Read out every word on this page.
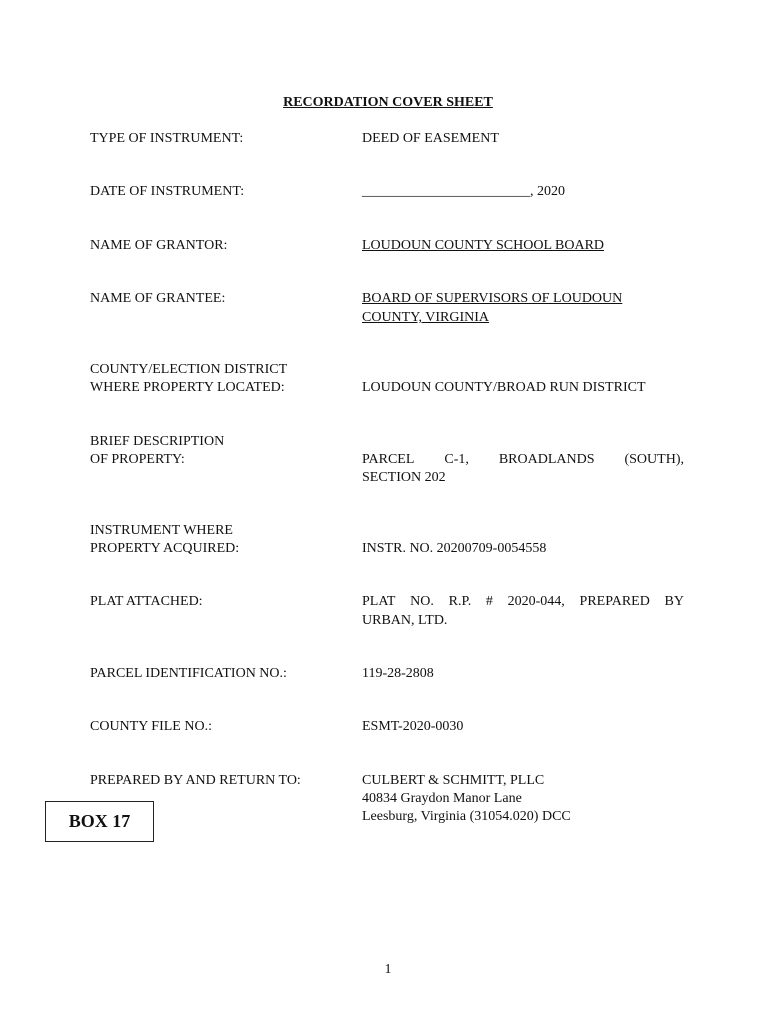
RECORDATION COVER SHEET
TYPE OF INSTRUMENT:	DEED OF EASEMENT
DATE OF INSTRUMENT:	________________________, 2020
NAME OF GRANTOR:	LOUDOUN COUNTY SCHOOL BOARD
NAME OF GRANTEE:	BOARD OF SUPERVISORS OF LOUDOUN
COUNTY, VIRGINIA
COUNTY/ELECTION DISTRICT
WHERE PROPERTY LOCATED:	LOUDOUN COUNTY/BROAD RUN DISTRICT
BRIEF DESCRIPTION
OF PROPERTY:	PARCEL C-1, BROADLANDS (SOUTH),
SECTION 202
INSTRUMENT WHERE
PROPERTY ACQUIRED:	INSTR. NO. 20200709-0054558
PLAT ATTACHED:	PLAT NO. R.P. # 2020-044, PREPARED BY
URBAN, LTD.
PARCEL IDENTIFICATION NO.:	119-28-2808
COUNTY FILE NO.:	ESMT-2020-0030
PREPARED BY AND RETURN TO:	CULBERT & SCHMITT, PLLC
40834 Graydon Manor Lane
Leesburg, Virginia (31054.020) DCC
BOX 17
1
